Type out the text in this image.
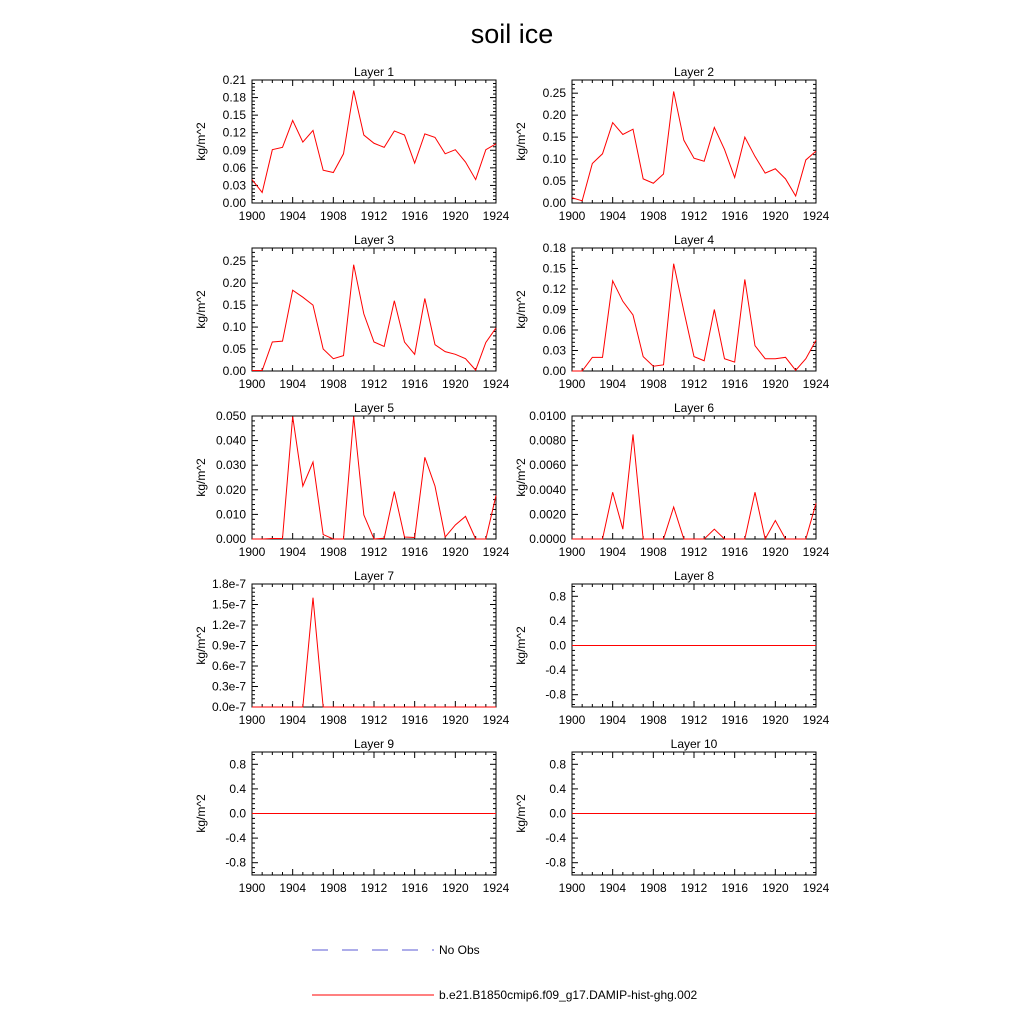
soil ice
Layer 1
1900 1904 1908 1912 1916 1920 1924
0.00
0.03
0.06
0.09
0.12
0.15
0.18
0.21
kg/m^2
Layer 2
1900 1904 1908 1912 1916 1920 1924
0.00
0.05
0.10
0.15
0.20
0.25
kg/m^2
Layer 3
1900 1904 1908 1912 1916 1920 1924
0.00
0.05
0.10
0.15
0.20
0.25
kg/m^2
Layer 4
1900 1904 1908 1912 1916 1920 1924
0.00
0.03
0.06
0.09
0.12
0.15
0.18
kg/m^2
Layer 5
1900 1904 1908 1912 1916 1920 1924
0.000
0.010
0.020
0.030
0.040
0.050
kg/m^2
Layer 6
1900 1904 1908 1912 1916 1920 1924
0.0000
0.0020
0.0040
0.0060
0.0080
0.0100
kg/m^2
Layer 7
1900 1904 1908 1912 1916 1920 1924
0.0e-7
0.3e-7
0.6e-7
0.9e-7
1.2e-7
1.5e-7
1.8e-7
kg/m^2
Layer 8
1900 1904 1908 1912 1916 1920 1924
-0.8
-0.4
0.0
0.4
0.8
kg/m^2
Layer 9
1900 1904 1908 1912 1916 1920 1924
-0.8
-0.4
0.0
0.4
0.8
kg/m^2
Layer 10
1900 1904 1908 1912 1916 1920 1924
-0.8
-0.4
0.0
0.4
0.8
kg/m^2
No Obs
b.e21.B1850cmip6.f09_g17.DAMIP-hist-ghg.002
